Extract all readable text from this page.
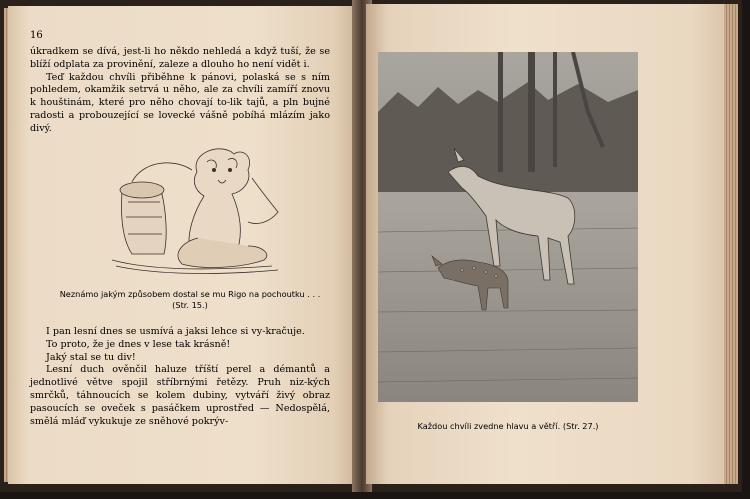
16

úkradkem se dívá, jest-li ho někdo nehledá a když tuší, že se blíží odplata za provinění, zaleze a dlouho ho není vidět i.

Teď každou chvíli přiběhne k pánovi, polaská se s ním pohledem, okamžik setrvá u něho, ale za chvíli zamíří znovu k houštinám, které pro něho chovají to-lik tajů, a pln bujné radosti a probouzející se lovecké vášně pobíhá mlázím jako divý.

Neznámo jakým způsobem dostal se mu Rigo na pochoutku . . .
(Str. 15.)

I pan lesní dnes se usmívá a jaksi lehce si vy-kračuje.

To proto, že je dnes v lese tak krásně!

Jaký stal se tu div!

Lesní duch ověnčil haluze tříští perel a démantů a jednotlivé větve spojil stříbrnými řetězy. Pruh niz-kých smrčků, táhnoucích se kolem dubiny, vytváří živý obraz pasoucích se oveček s pasáčkem uprostřed — Nedospělá, smělá mláď vykukuje ze sněhové pokrýv-	Každou chvíli zvedne hlavu a větří. (Str. 27.)
